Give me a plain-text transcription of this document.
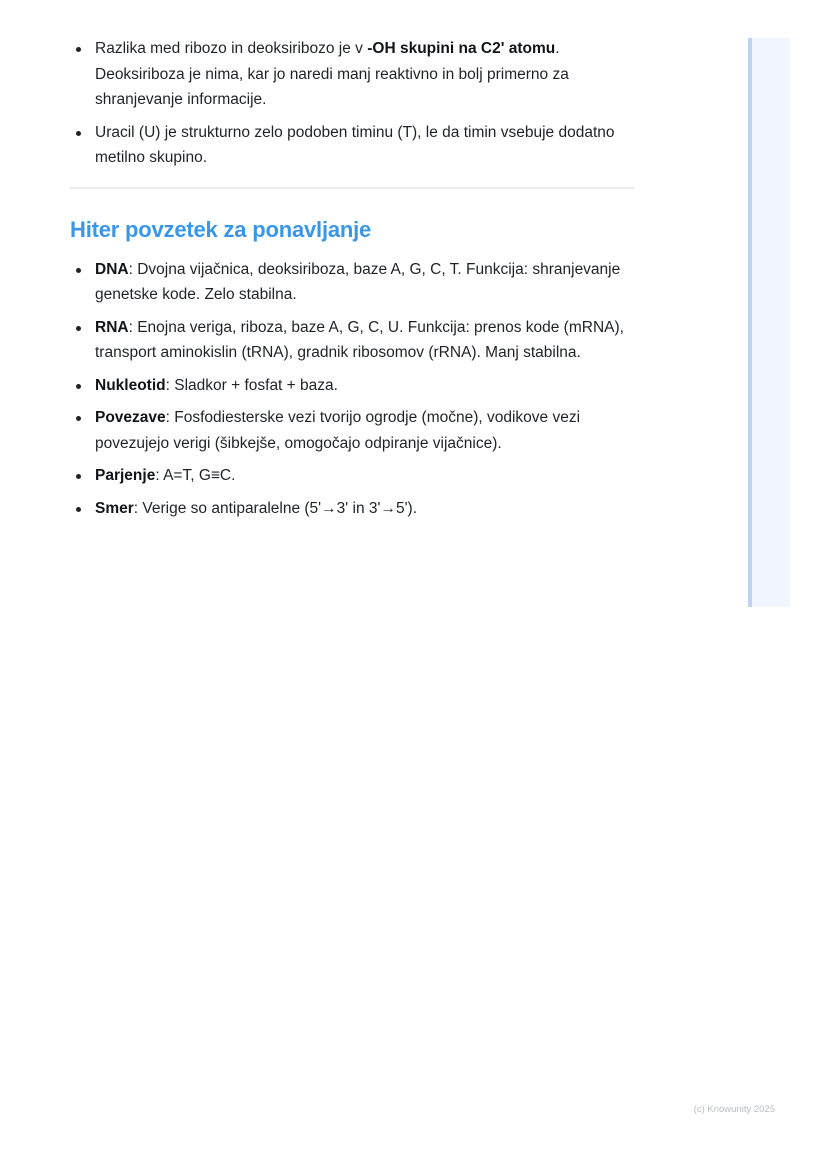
Razlika med ribozo in deoksiribozo je v -OH skupini na C2' atomu. Deoksiriboza je nima, kar jo naredi manj reaktivno in bolj primerno za shranjevanje informacije.
Uracil (U) je strukturno zelo podoben timinu (T), le da timin vsebuje dodatno metilno skupino.
Hiter povzetek za ponavljanje
DNA: Dvojna vijačnica, deoksiriboza, baze A, G, C, T. Funkcija: shranjevanje genetske kode. Zelo stabilna.
RNA: Enojna veriga, riboza, baze A, G, C, U. Funkcija: prenos kode (mRNA), transport aminokislin (tRNA), gradnik ribosomov (rRNA). Manj stabilna.
Nukleotid: Sladkor + fosfat + baza.
Povezave: Fosfodiesterske vezi tvorijo ogrodje (močne), vodikove vezi povezujejo verigi (šibkejše, omogočajo odpiranje vijačnice).
Parjenje: A=T, G≡C.
Smer: Verige so antiparalelne (5'→3' in 3'→5').
(c) Knowunity 2025
